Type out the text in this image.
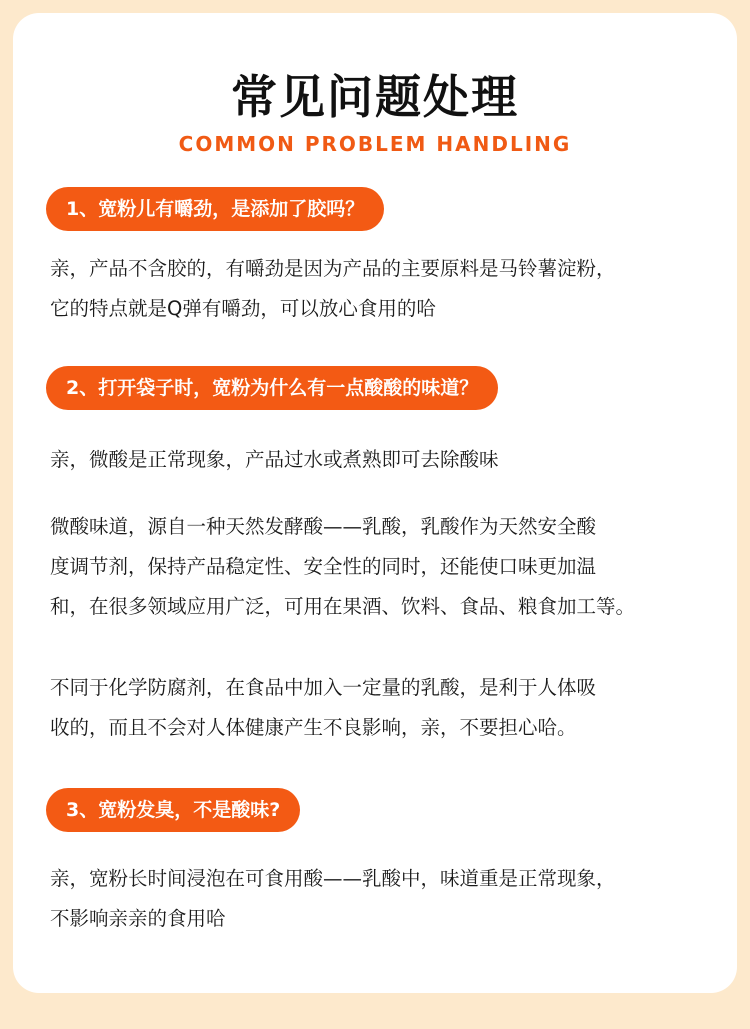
常见问题处理
COMMON PROBLEM HANDLING
1、宽粉儿有嚼劲，是添加了胶吗？
亲，产品不含胶的，有嚼劲是因为产品的主要原料是马铃薯淀粉，
它的特点就是Q弹有嚼劲，可以放心食用的哈
2、打开袋子时，宽粉为什么有一点酸酸的味道？
亲，微酸是正常现象，产品过水或煮熟即可去除酸味
微酸味道，源自一种天然发酵酸——乳酸，乳酸作为天然安全酸
度调节剂，保持产品稳定性、安全性的同时，还能使口味更加温
和，在很多领域应用广泛，可用在果酒、饮料、食品、粮食加工等。
不同于化学防腐剂，在食品中加入一定量的乳酸，是利于人体吸
收的，而且不会对人体健康产生不良影响，亲，不要担心哈。
3、宽粉发臭，不是酸味?
亲，宽粉长时间浸泡在可食用酸——乳酸中，味道重是正常现象，
不影响亲亲的食用哈
